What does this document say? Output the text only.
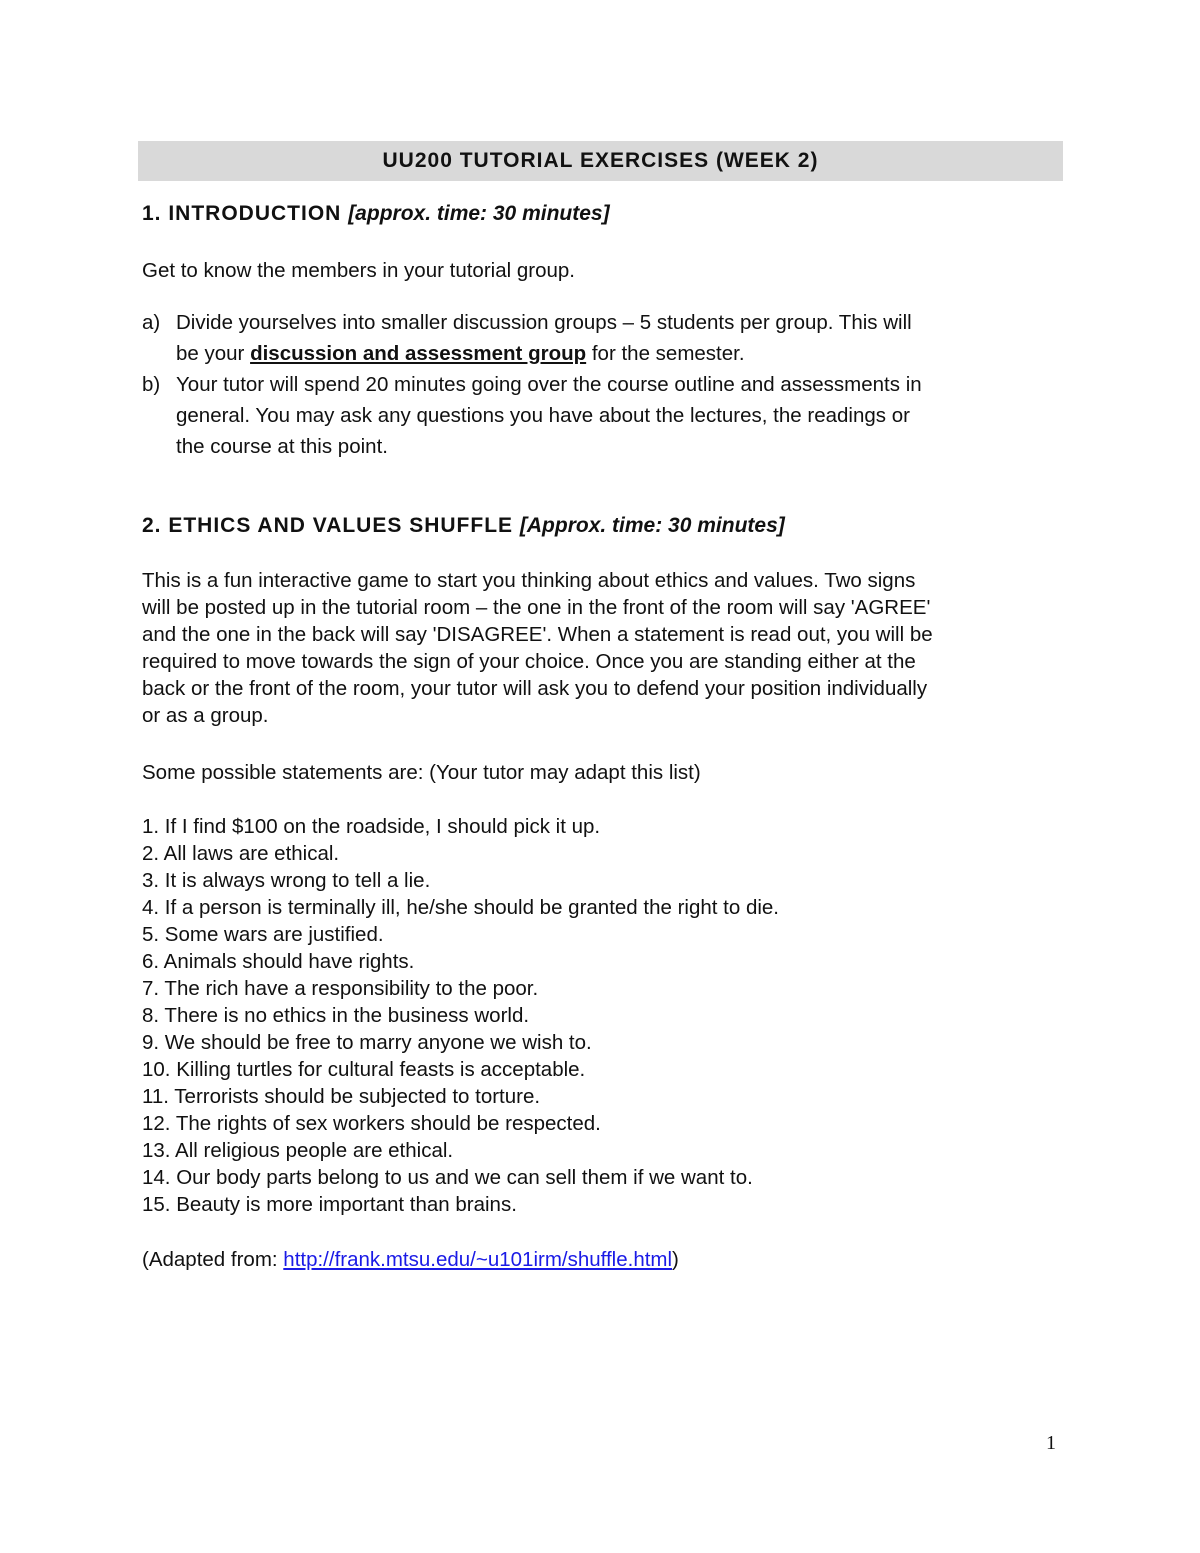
UU200 TUTORIAL EXERCISES (WEEK 2)
1. INTRODUCTION [approx. time: 30 minutes]
Get to know the members in your tutorial group.
a) Divide yourselves into smaller discussion groups – 5 students per group. This will
be your discussion and assessment group for the semester.
b) Your tutor will spend 20 minutes going over the course outline and assessments in
general. You may ask any questions you have about the lectures, the readings or
the course at this point.
2. ETHICS AND VALUES SHUFFLE [Approx. time: 30 minutes]
This is a fun interactive game to start you thinking about ethics and values. Two signs
will be posted up in the tutorial room – the one in the front of the room will say 'AGREE'
and the one in the back will say 'DISAGREE'. When a statement is read out, you will be
required to move towards the sign of your choice. Once you are standing either at the
back or the front of the room, your tutor will ask you to defend your position individually
or as a group.
Some possible statements are: (Your tutor may adapt this list)
1. If I find $100 on the roadside, I should pick it up.
2. All laws are ethical.
3. It is always wrong to tell a lie.
4. If a person is terminally ill, he/she should be granted the right to die.
5. Some wars are justified.
6. Animals should have rights.
7. The rich have a responsibility to the poor.
8. There is no ethics in the business world.
9. We should be free to marry anyone we wish to.
10. Killing turtles for cultural feasts is acceptable.
11. Terrorists should be subjected to torture.
12. The rights of sex workers should be respected.
13. All religious people are ethical.
14. Our body parts belong to us and we can sell them if we want to.
15. Beauty is more important than brains.
(Adapted from: http://frank.mtsu.edu/~u101irm/shuffle.html)
1
